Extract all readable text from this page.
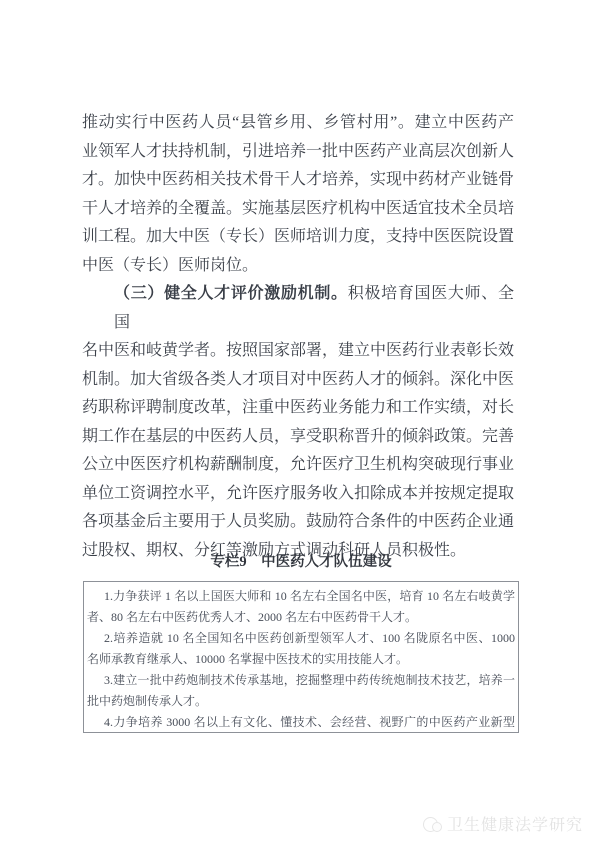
推动实行中医药人员“县管乡用、乡管村用”。建立中医药产
业领军人才扶持机制，引进培养一批中医药产业高层次创新人
才。加快中医药相关技术骨干人才培养，实现中药材产业链骨
干人才培养的全覆盖。实施基层医疗机构中医适宜技术全员培
训工程。加大中医（专长）医师培训力度，支持中医医院设置
中医（专长）医师岗位。
（三）健全人才评价激励机制。积极培育国医大师、全国
名中医和岐黄学者。按照国家部署，建立中医药行业表彰长效
机制。加大省级各类人才项目对中医药人才的倾斜。深化中医
药职称评聘制度改革，注重中医药业务能力和工作实绩，对长
期工作在基层的中医药人员，享受职称晋升的倾斜政策。完善
公立中医医疗机构薪酬制度，允许医疗卫生机构突破现行事业
单位工资调控水平，允许医疗服务收入扣除成本并按规定提取
各项基金后主要用于人员奖励。鼓励符合条件的中医药企业通
过股权、期权、分红等激励方式调动科研人员积极性。
专栏9　中医药人才队伍建设
1.力争获评 1 名以上国医大师和 10 名左右全国名中医，培育 10 名左右岐黄学
者、80 名左右中医药优秀人才、2000 名左右中医药骨干人才。
2.培养造就 10 名全国知名中医药创新型领军人才、100 名陇原名中医、1000
名师承教育继承人、10000 名掌握中医技术的实用技能人才。
3.建立一批中药炮制技术传承基地，挖掘整理中药传统炮制技术技艺，培养一
批中药炮制传承人才。
4.力争培养 3000 名以上有文化、懂技术、会经营、视野广的中医药产业新型
卫生健康法学研究
